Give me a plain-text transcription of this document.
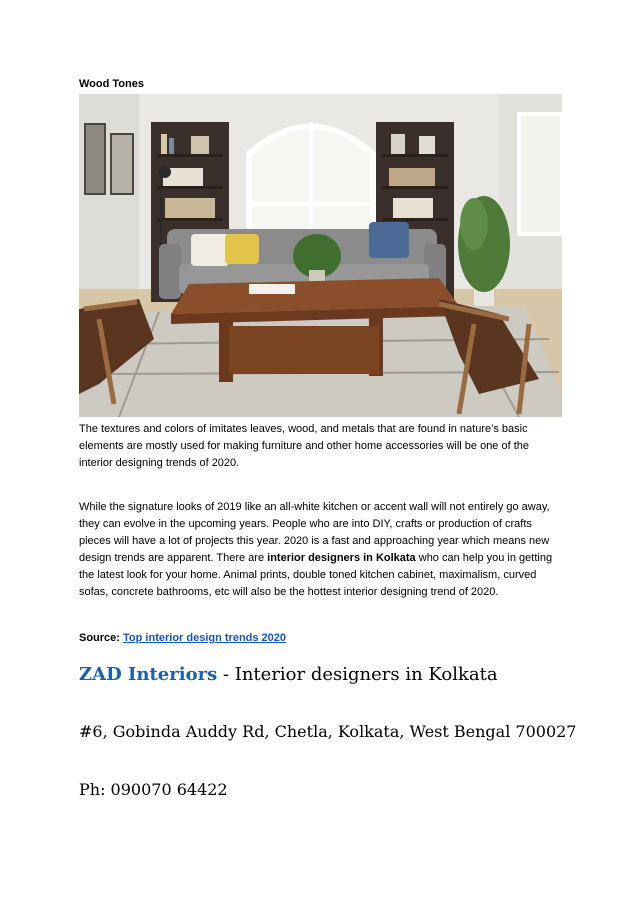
Wood Tones
The textures and colors of imitates leaves, wood, and metals that are found in nature’s basic elements are mostly used for making furniture and other home accessories will be one of the interior designing trends of 2020.
While the signature looks of 2019 like an all-white kitchen or accent wall will not entirely go away, they can evolve in the upcoming years. People who are into DIY, crafts or production of crafts pieces will have a lot of projects this year. 2020 is a fast and approaching year which means new design trends are apparent. There are interior designers in Kolkata who can help you in getting the latest look for your home. Animal prints, double toned kitchen cabinet, maximalism, curved sofas, concrete bathrooms, etc will also be the hottest interior designing trend of 2020.
Source: Top interior design trends 2020
ZAD Interiors - Interior designers in Kolkata
#6, Gobinda Auddy Rd, Chetla, Kolkata, West Bengal 700027
Ph: 090070 64422
